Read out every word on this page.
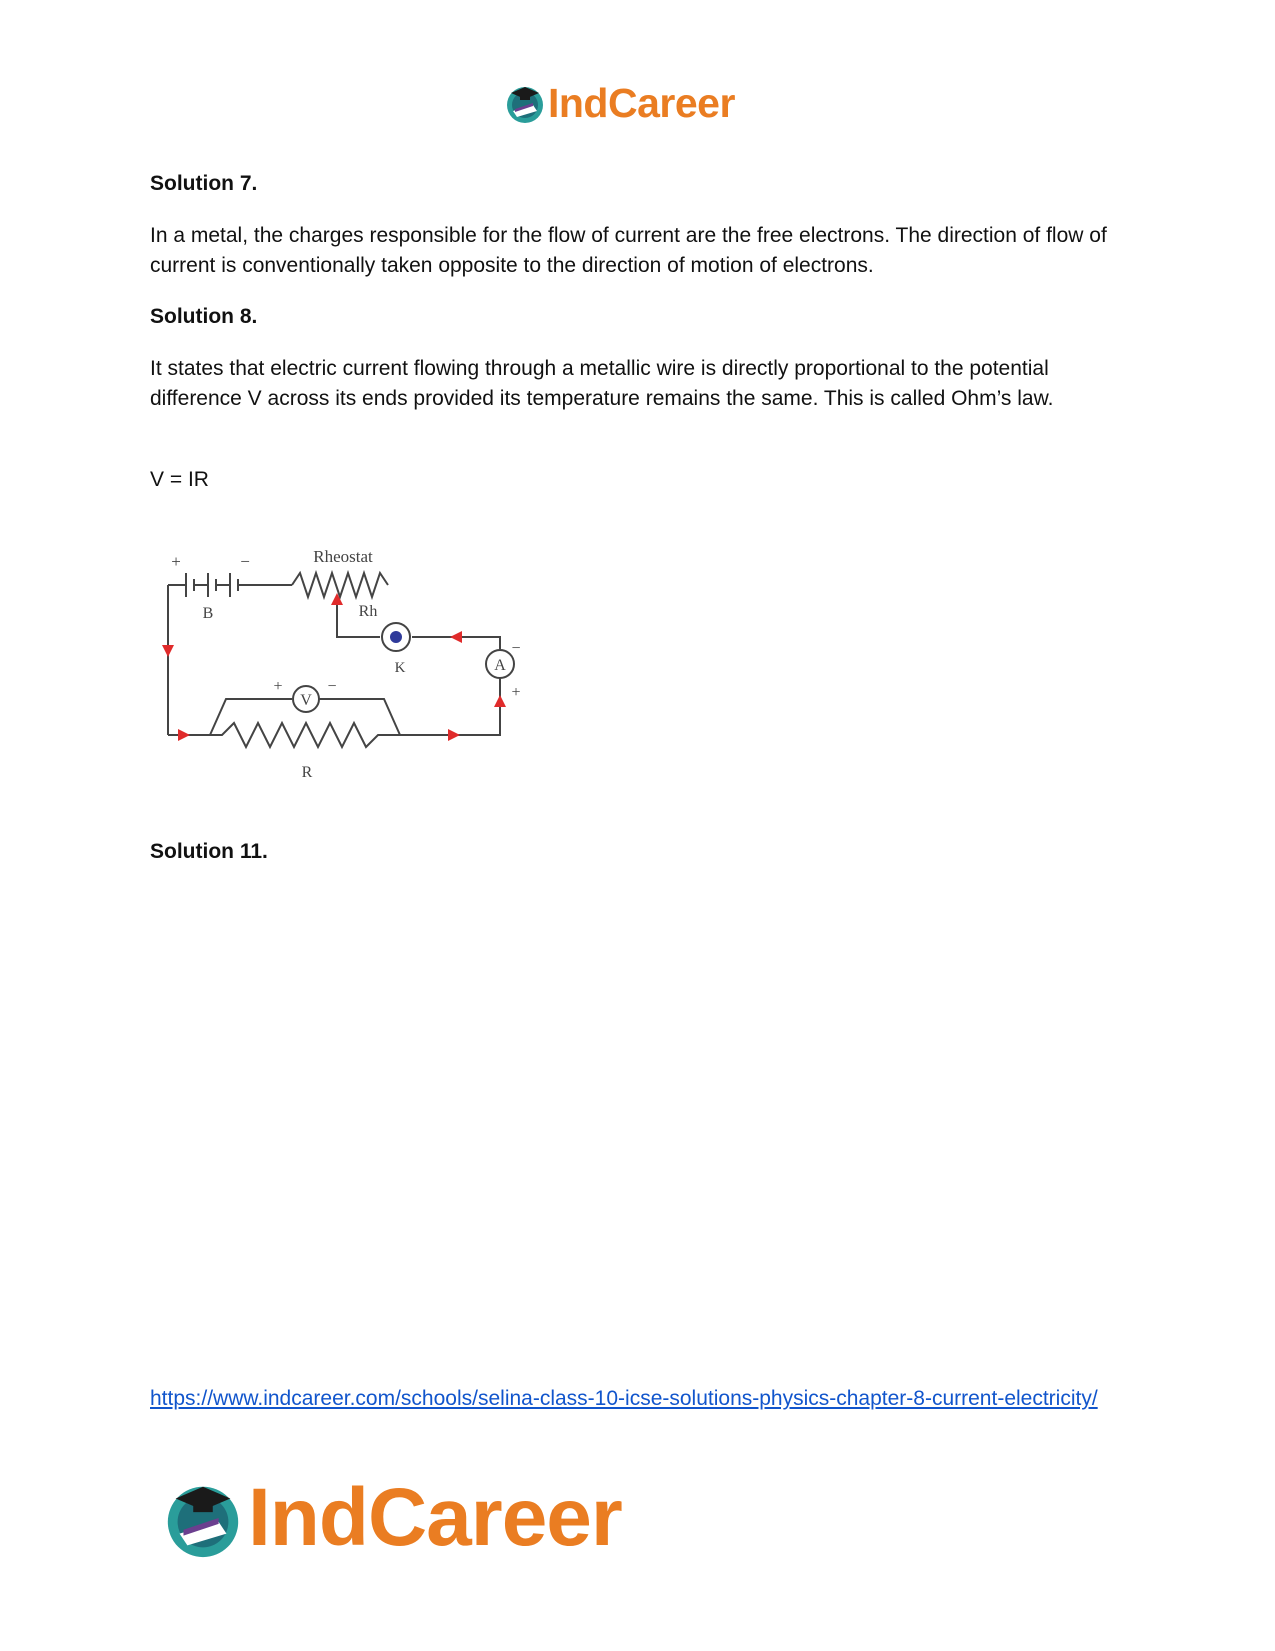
IndCareer
Solution 7.

In a metal, the charges responsible for the flow of current are the free electrons. The direction of flow of current is conventionally taken opposite to the direction of motion of electrons.

Solution 8.

It states that electric current flowing through a metallic wire is directly proportional to the potential difference V across its ends provided its temperature remains the same. This is called Ohm’s law.

V = IR

+	−	Rheostat
B	Rh
K	A
−
+
V
+	−
R
Solution 11.
https://www.indcareer.com/schools/selina-class-10-icse-solutions-physics-chapter-8-current-electricity/
IndCareer
